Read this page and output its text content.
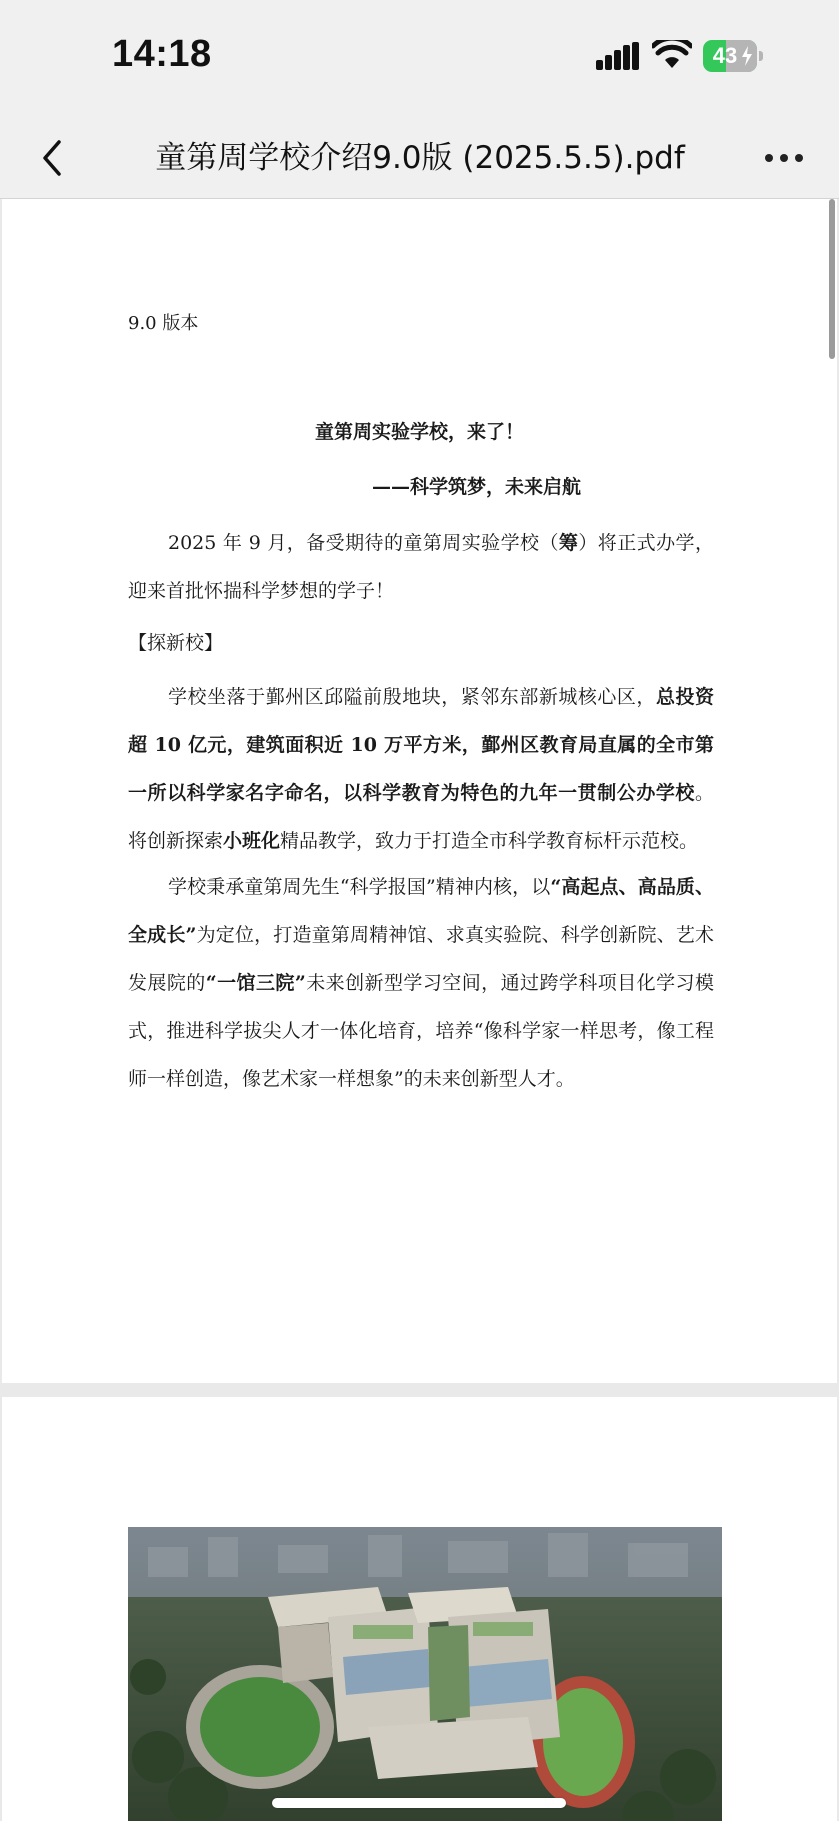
14:18	43
童第周学校介绍9.0版 (2025.5.5).pdf
9.0 版本
童第周实验学校，来了！
——科学筑梦，未来启航
2025 年 9 月，备受期待的童第周实验学校（筹）将正式办学，迎来首批怀揣科学梦想的学子！
【探新校】
学校坐落于鄞州区邱隘前殷地块，紧邻东部新城核心区，总投资超 10 亿元，建筑面积近 10 万平方米，鄞州区教育局直属的全市第一所以科学家名字命名，以科学教育为特色的九年一贯制公办学校。将创新探索小班化精品教学，致力于打造全市科学教育标杆示范校。
学校秉承童第周先生“科学报国”精神内核，以“高起点、高品质、全成长”为定位，打造童第周精神馆、求真实验院、科学创新院、艺术发展院的“一馆三院”未来创新型学习空间，通过跨学科项目化学习模式，推进科学拔尖人才一体化培育，培养“像科学家一样思考，像工程师一样创造，像艺术家一样想象”的未来创新型人才。
